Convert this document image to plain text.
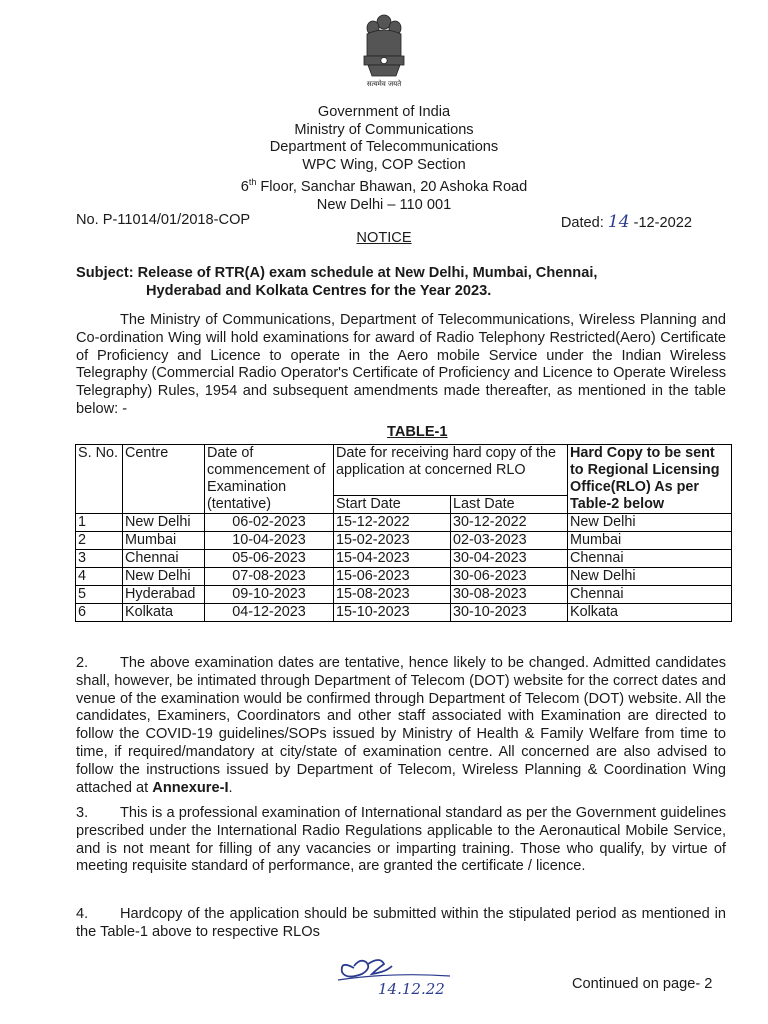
सत्यमेव जयते
Government of India
Ministry of Communications
Department of Telecommunications
WPC Wing, COP Section
6th Floor, Sanchar Bhawan, 20 Ashoka Road
New Delhi – 110 001
No. P-11014/01/2018-COP	Dated: 14 -12-2022
NOTICE
Subject: Release of RTR(A) exam schedule at New Delhi, Mumbai, Chennai,
Hyderabad and Kolkata Centres for the Year 2023.
The Ministry of Communications, Department of Telecommunications, Wireless Planning and Co-ordination Wing will hold examinations for award of Radio Telephony Restricted(Aero) Certificate of Proficiency and Licence to operate in the Aero mobile Service under the Indian Wireless Telegraphy (Commercial Radio Operator's Certificate of Proficiency and Licence to Operate Wireless Telegraphy) Rules, 1954 and subsequent amendments made thereafter, as mentioned in the table below: -
TABLE-1
S. No.	Centre	Date of commencement of Examination (tentative)	Date for receiving hard copy of the application at concerned RLO		Hard Copy to be sent to Regional Licensing Office(RLO) As per Table-2 below
			Start Date	Last Date	
1	New Delhi	06-02-2023	15-12-2022	30-12-2022	New Delhi
2	Mumbai	10-04-2023	15-02-2023	02-03-2023	Mumbai
3	Chennai	05-06-2023	15-04-2023	30-04-2023	Chennai
4	New Delhi	07-08-2023	15-06-2023	30-06-2023	New Delhi
5	Hyderabad	09-10-2023	15-08-2023	30-08-2023	Chennai
6	Kolkata	04-12-2023	15-10-2023	30-10-2023	Kolkata
2. The above examination dates are tentative, hence likely to be changed. Admitted candidates shall, however, be intimated through Department of Telecom (DOT) website for the correct dates and venue of the examination would be confirmed through Department of Telecom (DOT) website. All the candidates, Examiners, Coordinators and other staff associated with Examination are directed to follow the COVID-19 guidelines/SOPs issued by Ministry of Health & Family Welfare from time to time, if required/mandatory at city/state of examination centre. All concerned are also advised to follow the instructions issued by Department of Telecom, Wireless Planning & Coordination Wing attached at Annexure-I.
3. This is a professional examination of International standard as per the Government guidelines prescribed under the International Radio Regulations applicable to the Aeronautical Mobile Service, and is not meant for filling of any vacancies or imparting training. Those who qualify, by virtue of meeting requisite standard of performance, are granted the certificate / licence.
4. Hardcopy of the application should be submitted within the stipulated period as mentioned in the Table-1 above to respective RLOs
14.12.22	Continued on page- 2
